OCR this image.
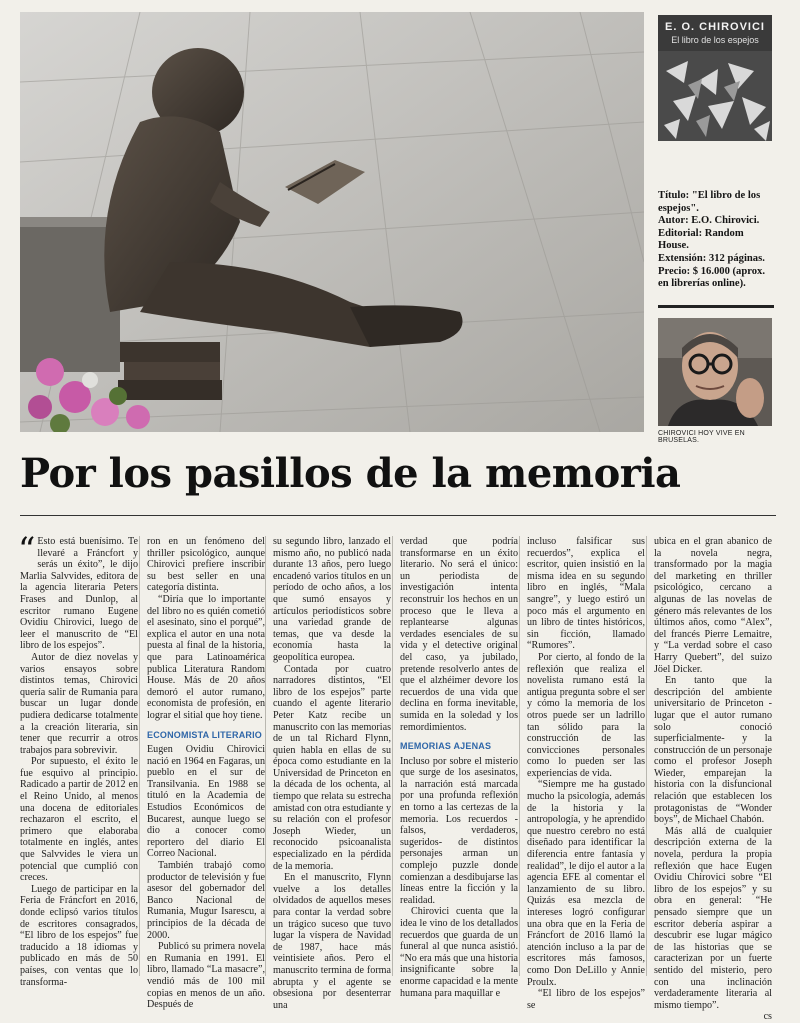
E. O. CHIROVICI
El libro de los espejos
Título: "El libro de los espejos".
Autor: E.O. Chirovici.
Editorial: Random House.
Extensión: 312 páginas.
Precio: $ 16.000 (aprox. en librerías online).
CHIROVICI HOY VIVE EN BRUSELAS.
Por los pasillos de la memoria

“ Esto está buenísimo. Te llevaré a Fráncfort y serás un éxito”, le dijo Marlia Salvvides, editora de la agencia literaria Peters Frases and Dunlop, al escritor rumano Eugene Ovidiu Chirovici, luego de leer el manuscrito de “El libro de los espejos”.

Autor de diez novelas y varios ensayos sobre distintos temas, Chirovici quería salir de Rumania para buscar un lugar donde pudiera dedicarse totalmente a la creación literaria, sin tener que recurrir a otros trabajos para sobrevivir.

Por supuesto, el éxito le fue esquivo al principio. Radicado a partir de 2012 en el Reino Unido, al menos una docena de editoriales rechazaron el escrito, el primero que elaboraba totalmente en inglés, antes que Salvvides le viera un potencial que cumplió con creces.

Luego de participar en la Feria de Fráncfort en 2016, donde eclipsó varios títulos de escritores consagrados, “El libro de los espejos” fue traducido a 18 idiomas y publicado en más de 50 países, con ventas que lo transforma-

ron en un fenómeno del thriller psicológico, aunque Chirovici prefiere inscribir su best seller en una categoría distinta.

“Diría que lo importante del libro no es quién cometió el asesinato, sino el porqué”, explica el autor en una nota puesta al final de la historia, que para Latinoamérica publica Literatura Random House. Más de 20 años demoró el autor rumano, economista de profesión, en lograr el sitial que hoy tiene.

ECONOMISTA LITERARIO

Eugen Ovidiu Chirovici nació en 1964 en Fagaras, un pueblo en el sur de Transilvania. En 1988 se tituló en la Academia de Estudios Económicos de Bucarest, aunque luego se dio a conocer como reportero del diario El Correo Nacional.

También trabajó como productor de televisión y fue asesor del gobernador del Banco Nacional de Rumania, Mugur Isarescu, a principios de la década de 2000.

Publicó su primera novela en Rumania en 1991. El libro, llamado “La masacre”, vendió más de 100 mil copias en menos de un año. Después de

su segundo libro, lanzado el mismo año, no publicó nada durante 13 años, pero luego encadenó varios títulos en un período de ocho años, a los que sumó ensayos y artículos periodísticos sobre una variedad grande de temas, que va desde la economía hasta la geopolítica europea.

Contada por cuatro narradores distintos, “El libro de los espejos” parte cuando el agente literario Peter Katz recibe un manuscrito con las memorias de un tal Richard Flynn, quien habla en ellas de su época como estudiante en la Universidad de Princeton en la década de los ochenta, al tiempo que relata su estrecha amistad con otra estudiante y su relación con el profesor Joseph Wieder, un reconocido psicoanalista especializado en la pérdida de la memoria.

En el manuscrito, Flynn vuelve a los detalles olvidados de aquellos meses para contar la verdad sobre un trágico suceso que tuvo lugar la víspera de Navidad de 1987, hace más veintisiete años. Pero el manuscrito termina de forma abrupta y el agente se obsesiona por desenterrar una

verdad que podría transformarse en un éxito literario. No será el único: un periodista de investigación intenta reconstruir los hechos en un proceso que le lleva a replantearse algunas verdades esenciales de su vida y el detective original del caso, ya jubilado, pretende resolverlo antes de que el alzhéimer devore los recuerdos de una vida que declina en forma inevitable, sumida en la soledad y los remordimientos.

MEMORIAS AJENAS

Incluso por sobre el misterio que surge de los asesinatos, la narración está marcada por una profunda reflexión en torno a las certezas de la memoria. Los recuerdos -falsos, verdaderos, sugeridos- de distintos personajes arman un complejo puzzle donde comienzan a desdibujarse las líneas entre la ficción y la realidad.

Chirovici cuenta que la idea le vino de los detallados recuerdos que guarda de un funeral al que nunca asistió. “No era más que una historia insignificante sobre la enorme capacidad e la mente humana para maquillar e

incluso falsificar sus recuerdos”, explica el escritor, quien insistió en la misma idea en su segundo libro en inglés, “Mala sangre”, y luego estiró un poco más el argumento en un libro de tintes históricos, sin ficción, llamado “Rumores”.

Por cierto, al fondo de la reflexión que realiza el novelista rumano está la antigua pregunta sobre el ser y cómo la memoria de los otros puede ser un ladrillo tan sólido para la construcción de las convicciones personales como lo pueden ser las experiencias de vida.

“Siempre me ha gustado mucho la psicología, además de la historia y la antropología, y he aprendido que nuestro cerebro no está diseñado para identificar la diferencia entre fantasía y realidad”, le dijo el autor a la agencia EFE al comentar el lanzamiento de su libro. Quizás esa mezcla de intereses logró configurar una obra que en la Feria de Fráncfort de 2016 llamó la atención incluso a la par de escritores más famosos, como Don DeLillo y Annie Proulx.

“El libro de los espejos” se

ubica en el gran abanico de la novela negra, transformado por la magia del marketing en thriller psicológico, cercano a algunas de las novelas de género más relevantes de los últimos años, como “Alex”, del francés Pierre Lemaitre, y “La verdad sobre el caso Harry Quebert”, del suizo Jöel Dicker.

En tanto que la descripción del ambiente universitario de Princeton -lugar que el autor rumano solo conoció superficialmente- y la construcción de un personaje como el profesor Joseph Wieder, emparejan la historia con la disfuncional relación que establecen los protagonistas de “Wonder boys”, de Michael Chabón.

Más allá de cualquier descripción externa de la novela, perdura la propia reflexión que hace Eugen Ovidiu Chirovici sobre “El libro de los espejos” y su obra en general: “He pensado siempre que un escritor debería aspirar a descubrir ese lugar mágico de las historias que se caracterizan por un fuerte sentido del misterio, pero con una inclinación verdaderamente literaria al mismo tiempo”.

cs
